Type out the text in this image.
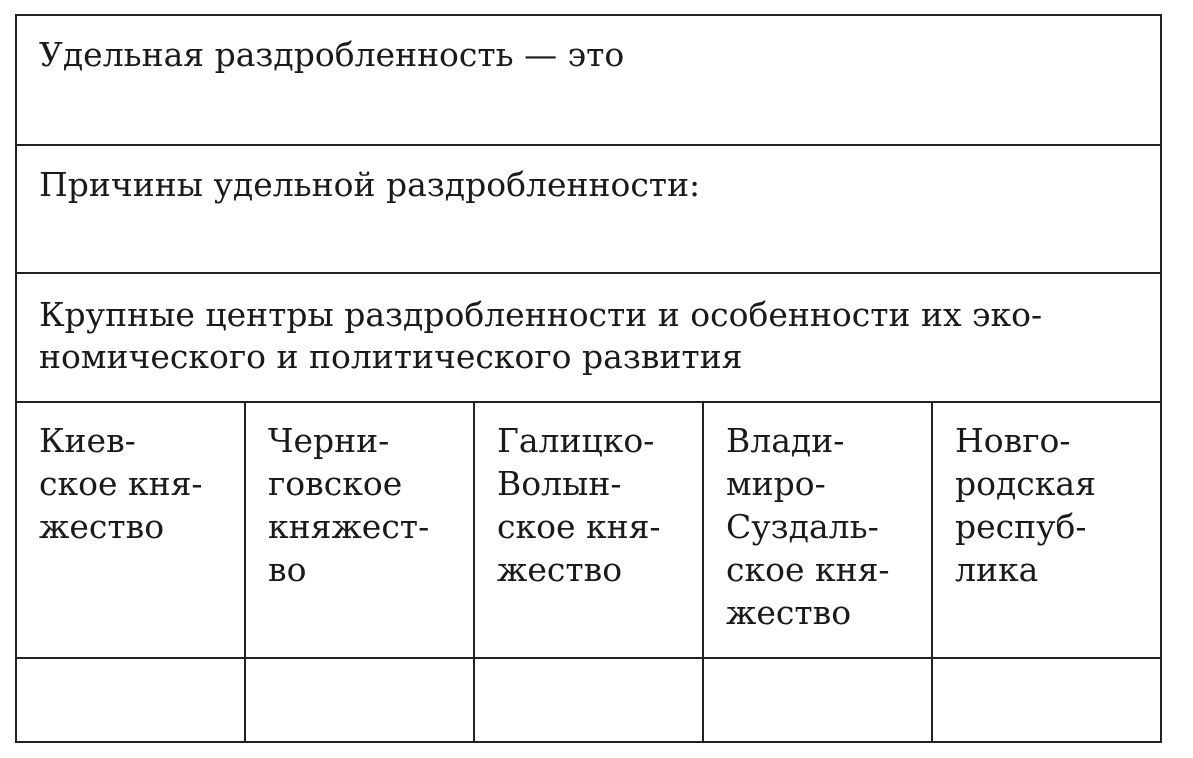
Удельная раздробленность — это
Причины удельной раздробленности:
Крупные центры раздробленности и особенности их эко-
номического и политического развития
Киев-
ское кня-
жество
Черни-
говское
княжест-
во
Галицко-
Волын-
ское кня-
жество
Влади-
миро-
Суздаль-
ское кня-
жество
Новго-
родская
респуб-
лика
